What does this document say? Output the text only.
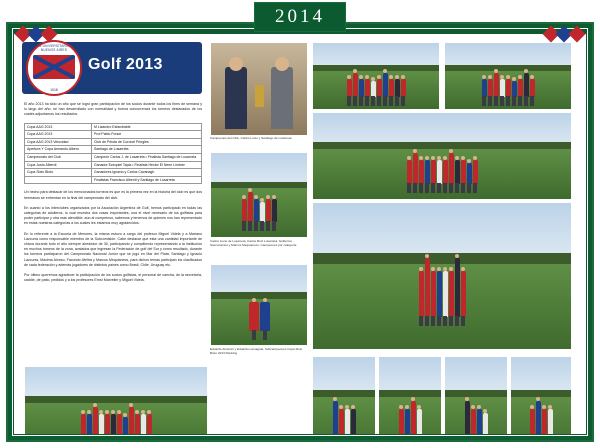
2014
CLUB UNIVERSITARIO DE BUENOS AIRES
1918
Golf 2013
El año 2013 ha sido un año que se logró gran participación de los socios durante todos los fines de semana y lo largo del año, se han desarrollado con normalidad y buena concurrencia los torneos destacados de los cuales adjuntamos los resultados.
Copa AAG 2013	M Lisandro Esfandiable
Copa AAG 2013	Prof Pablo Ponce
Copa AAG 2013 Velocidad	Club de Pelota de Coronel Pringles
Apertura Y Copa Armando Albero	Santiago de Lusarreta
Campeonato del Club	Campeón Carlos J. de Lusarreta • Finalista Santiago de Lusarreta
Copa Justo Alberdi	Ganador Ezequiel Tapia • Finalista Hector El Nene Lindner
Copa Sixto Bioto	Ganadores Ignacio y Carlos Cavanagh
	Finalistas Francisco Alberdi y Santiago de Lusarreta
Un hecho para destacar de los mencionados torneos es que es la primera vez en la historia del club es que dos hermanos se enfrentan en la final del campeonato del club.
En cuanto a los interclubes organizados por la Asociación Argentina de Golf, hemos participado en todas las categorías de adulteros, lo cual muestra dos cosas importantes, una el nivel necesario de los golfistas para poder participar y otra mas atendible, aún al comprenso, sabemos y tenemos de quienes nos han representado en estas nuestras categorías a los cuales les estamos muy agradecidos.
En lo referente a la Escuela de Menores, la misma estuvo a cargo del profesor Miguel Videla y a Mariano Lazcurra como responsable miembro de la Subcomisión. Cabe destacar que esta una cantidad importante de chicos durante todo el año siempre alrededor de 30, participando y compitiendo representando a la institución en muchos torneos de la zona, avalados que ingresan la Federación de golf del Sur y como resultado, durante los torneos participaron del Campeonato Nacional Junior que se jugó en Mar del Plata, Santiago y Ignacio Lazcurra, Maxima Alonso, Facundo Afeltra y Marcos Mequianecs, para dichos temas participan los clasificados de cada federación y además jugadores de distintos países como Brasil, Chile, Uruguay etc.
Por último queremos agradecer la participación de los socios golfistas, el personal de cancha, de la secretaría, caddie, de patio, pedidos y a los profesores Ernst Marvelim y Miguel Videla.
Campeones del Club, Carlos Lucio y Santiago de Lusarreta
Carlos Lucio de Lusarreta, Carlos Ruiz Lusarreta, Guillermo Sacconantos y Marcos Mequianecs, Campeones por categoría
Eduardo Andoniri y Eduardo Lamagnia, Subcampeones Copa Sixto Bioto 2013 Ranking
